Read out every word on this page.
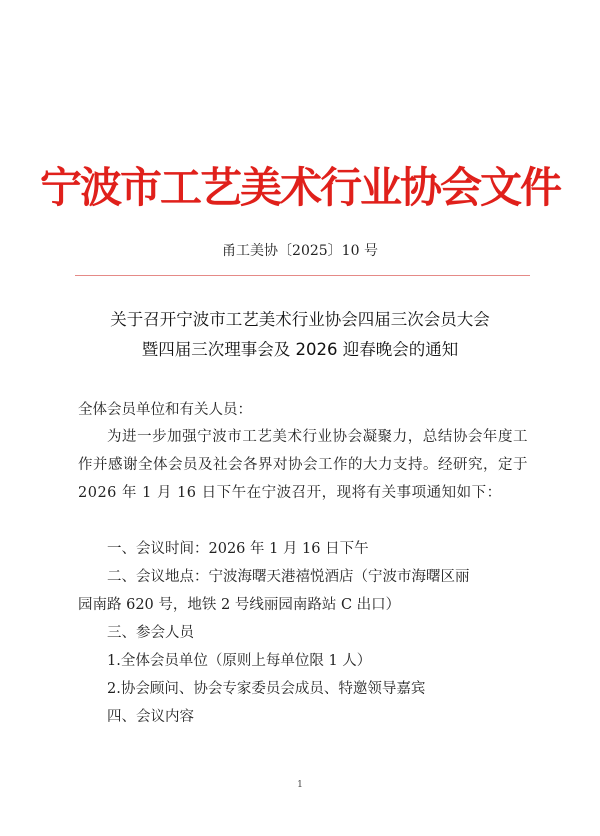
宁波市工艺美术行业协会文件
甬工美协〔2025〕10 号
关于召开宁波市工艺美术行业协会四届三次会员大会
暨四届三次理事会及 2026 迎春晚会的通知
全体会员单位和有关人员：
为进一步加强宁波市工艺美术行业协会凝聚力，总结协会年度工作并感谢全体会员及社会各界对协会工作的大力支持。经研究，定于 2026 年 1 月 16 日下午在宁波召开，现将有关事项通知如下：
一、会议时间：2026 年 1 月 16 日下午
二、会议地点：宁波海曙天港禧悦酒店（宁波市海曙区丽
园南路 620 号，地铁 2 号线丽园南路站 C 出口）
三、参会人员
1.全体会员单位（原则上每单位限 1 人）
2.协会顾问、协会专家委员会成员、特邀领导嘉宾
四、会议内容
1
